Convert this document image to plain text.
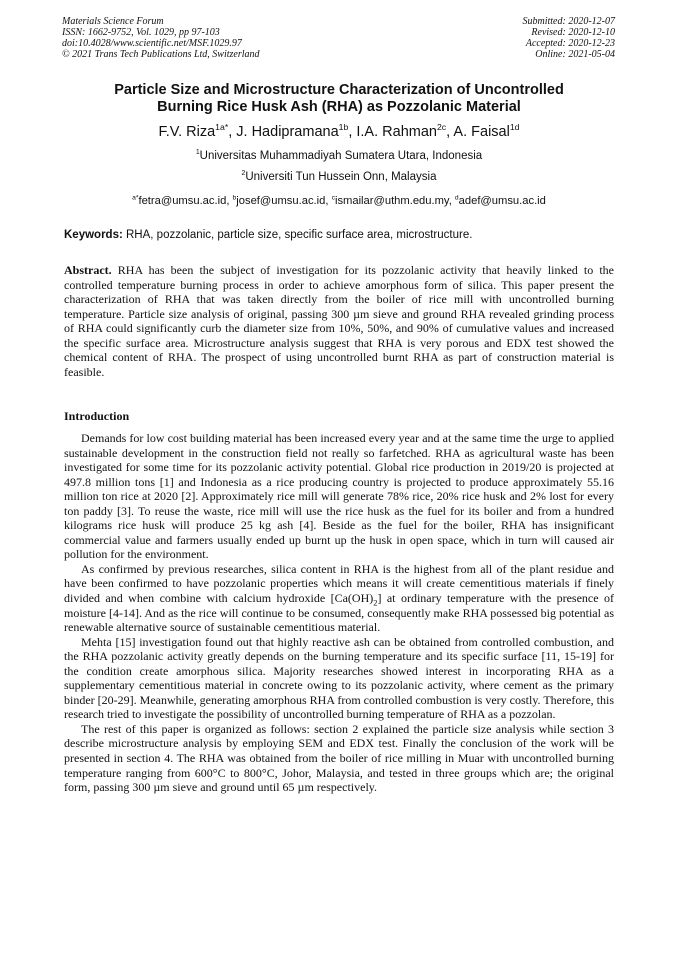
Materials Science Forum
ISSN: 1662-9752, Vol. 1029, pp 97-103
doi:10.4028/www.scientific.net/MSF.1029.97
© 2021 Trans Tech Publications Ltd, Switzerland
Submitted: 2020-12-07
Revised: 2020-12-10
Accepted: 2020-12-23
Online: 2021-05-04
Particle Size and Microstructure Characterization of Uncontrolled
Burning Rice Husk Ash (RHA) as Pozzolanic Material
F.V. Riza$^{1a*}$, J. Hadipramana$^{1b}$, I.A. Rahman$^{2c}$, A. Faisal$^{1d}$
$^1$Universitas Muhammadiyah Sumatera Utara, Indonesia
$^2$Universiti Tun Hussein Onn, Malaysia
$^{a*}$fetra@umsu.ac.id, $^b$josef@umsu.ac.id, $^c$ismailar@uthm.edu.my, $^d$adef@umsu.ac.id
Keywords: RHA, pozzolanic, particle size, specific surface area, microstructure.

Abstract. RHA has been the subject of investigation for its pozzolanic activity that heavily linked to the controlled temperature burning process in order to achieve amorphous form of silica. This paper present the characterization of RHA that was taken directly from the boiler of rice mill with uncontrolled burning temperature. Particle size analysis of original, passing 300 µm sieve and ground RHA revealed grinding process of RHA could significantly curb the diameter size from 10%, 50%, and 90% of cumulative values and increased the specific surface area. Microstructure analysis suggest that RHA is very porous and EDX test showed the chemical content of RHA. The prospect of using uncontrolled burnt RHA as part of construction material is feasible.

Introduction

Demands for low cost building material has been increased every year and at the same time the urge to applied sustainable development in the construction field not really so farfetched. RHA as agricultural waste has been investigated for some time for its pozzolanic activity potential. Global rice production in 2019/20 is projected at 497.8 million tons [1] and Indonesia as a rice producing country is projected to produce approximately 55.16 million ton rice at 2020 [2]. Approximately rice mill will generate 78% rice, 20% rice husk and 2% lost for every ton paddy [3]. To reuse the waste, rice mill will use the rice husk as the fuel for its boiler and from a hundred kilograms rice husk will produce 25 kg ash [4]. Beside as the fuel for the boiler, RHA has insignificant commercial value and farmers usually ended up burnt up the husk in open space, which in turn will caused air pollution for the environment.

As confirmed by previous researches, silica content in RHA is the highest from all of the plant residue and have been confirmed to have pozzolanic properties which means it will create cementitious materials if finely divided and when combine with calcium hydroxide $[Ca(OH)_2]$ at ordinary temperature with the presence of moisture [4-14]. And as the rice will continue to be consumed, consequently make RHA possessed big potential as renewable alternative source of sustainable cementitious material.

Mehta [15] investigation found out that highly reactive ash can be obtained from controlled combustion, and the RHA pozzolanic activity greatly depends on the burning temperature and its specific surface [11, 15-19] for the condition create amorphous silica. Majority researches showed interest in incorporating RHA as a supplementary cementitious material in concrete owing to its pozzolanic activity, where cement as the primary binder [20-29]. Meanwhile, generating amorphous RHA from controlled combustion is very costly. Therefore, this research tried to investigate the possibility of uncontrolled burning temperature of RHA as a pozzolan.

The rest of this paper is organized as follows: section 2 explained the particle size analysis while section 3 describe microstructure analysis by employing SEM and EDX test. Finally the conclusion of the work will be presented in section 4. The RHA was obtained from the boiler of rice milling in Muar with uncontrolled burning temperature ranging from 600°C to 800°C, Johor, Malaysia, and tested in three groups which are; the original form, passing 300 µm sieve and ground until 65 µm respectively.
